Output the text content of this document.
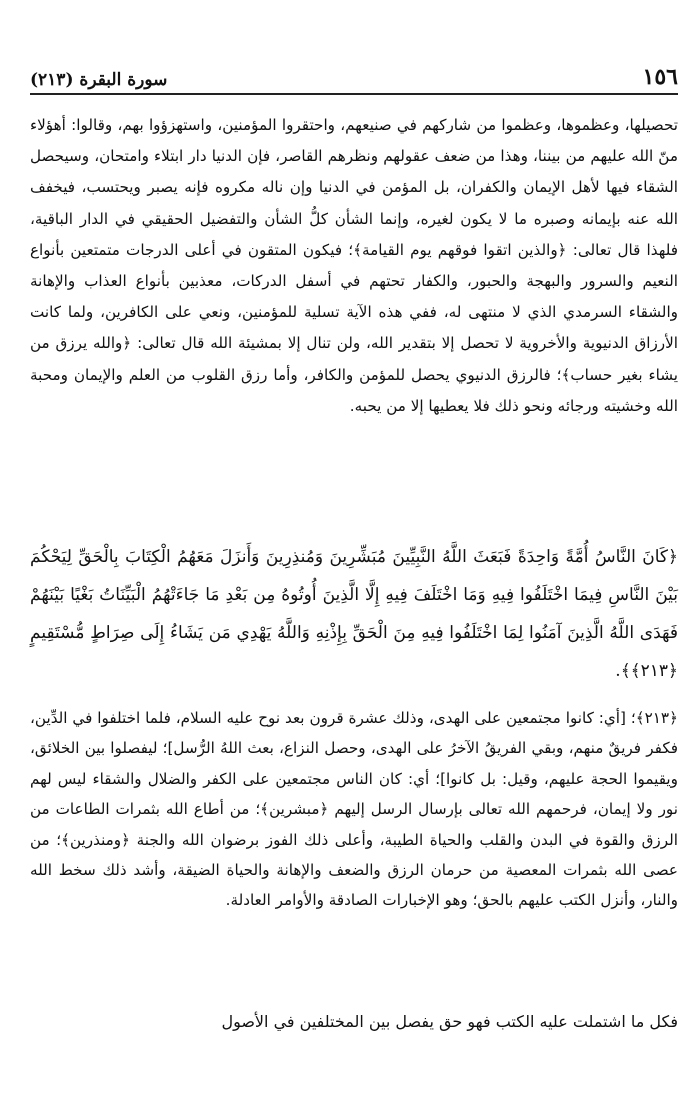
١٥٦
سورة البقرة (٢١٣)

تحصيلها، وعظموها، وعظموا من شاركهم في صنيعهم، واحتقروا المؤمنين، واستهزؤوا بهم، وقالوا: أهؤلاء منّ الله عليهم من بيننا، وهذا من ضعف عقولهم ونظرهم القاصر، فإن الدنيا دار ابتلاء وامتحان، وسيحصل الشقاء فيها لأهل الإيمان والكفران، بل المؤمن في الدنيا وإن ناله مكروه فإنه يصبر ويحتسب، فيخفف الله عنه بإيمانه وصبره ما لا يكون لغيره، وإنما الشأن كلُّ الشأن والتفضيل الحقيقي في الدار الباقية، فلهذا قال تعالى: ﴿والذين اتقوا فوقهم يوم القيامة﴾؛ فيكون المتقون في أعلى الدرجات متمتعين بأنواع النعيم والسرور والبهجة والحبور، والكفار تحتهم في أسفل الدركات، معذبين بأنواع العذاب والإهانة والشقاء السرمدي الذي لا منتهى له، ففي هذه الآية تسلية للمؤمنين، ونعي على الكافرين، ولما كانت الأرزاق الدنيوية والأخروية لا تحصل إلا بتقدير الله، ولن تنال إلا بمشيئة الله قال تعالى: ﴿والله يرزق من يشاء بغير حساب﴾؛ فالرزق الدنيوي يحصل للمؤمن والكافر، وأما رزق القلوب من العلم والإيمان ومحبة الله وخشيته ورجائه ونحو ذلك فلا يعطيها إلا من يحبه.

﴿كَانَ النَّاسُ أُمَّةً وَاحِدَةً فَبَعَثَ اللَّهُ النَّبِيِّينَ مُبَشِّرِينَ وَمُنذِرِينَ وَأَنزَلَ مَعَهُمُ الْكِتَابَ بِالْحَقِّ لِيَحْكُمَ بَيْنَ النَّاسِ فِيمَا اخْتَلَفُوا فِيهِ وَمَا اخْتَلَفَ فِيهِ إِلَّا الَّذِينَ أُوتُوهُ مِن بَعْدِ مَا جَاءَتْهُمُ الْبَيِّنَاتُ بَغْيًا بَيْنَهُمْ فَهَدَى اللَّهُ الَّذِينَ آمَنُوا لِمَا اخْتَلَفُوا فِيهِ مِنَ الْحَقِّ بِإِذْنِهِ وَاللَّهُ يَهْدِي مَن يَشَاءُ إِلَى صِرَاطٍ مُّسْتَقِيمٍ ﴿٢١٣﴾﴾.

﴿٢١٣﴾؛ [أي: كانوا مجتمعين على الهدى، وذلك عشرة قرون بعد نوح عليه السلام، فلما اختلفوا في الدِّين، فكفر فريقٌ منهم، وبقي الفريقُ الآخرُ على الهدى، وحصل النزاع، بعث اللهُ الرُّسل]؛ ليفصلوا بين الخلائق، ويقيموا الحجة عليهم، وقيل: بل كانوا]؛ أي: كان الناس مجتمعين على الكفر والضلال والشقاء ليس لهم نور ولا إيمان، فرحمهم الله تعالى بإرسال الرسل إليهم ﴿مبشرين﴾؛ من أطاع الله بثمرات الطاعات من الرزق والقوة في البدن والقلب والحياة الطيبة، وأعلى ذلك الفوز برضوان الله والجنة ﴿ومنذرين﴾؛ من عصى الله بثمرات المعصية من حرمان الرزق والضعف والإهانة والحياة الضيقة، وأشد ذلك سخط الله والنار، وأنزل الكتب عليهم بالحق؛ وهو الإخبارات الصادقة والأوامر العادلة.

فكل ما اشتملت عليه الكتب فهو حق يفصل بين المختلفين في الأصول
